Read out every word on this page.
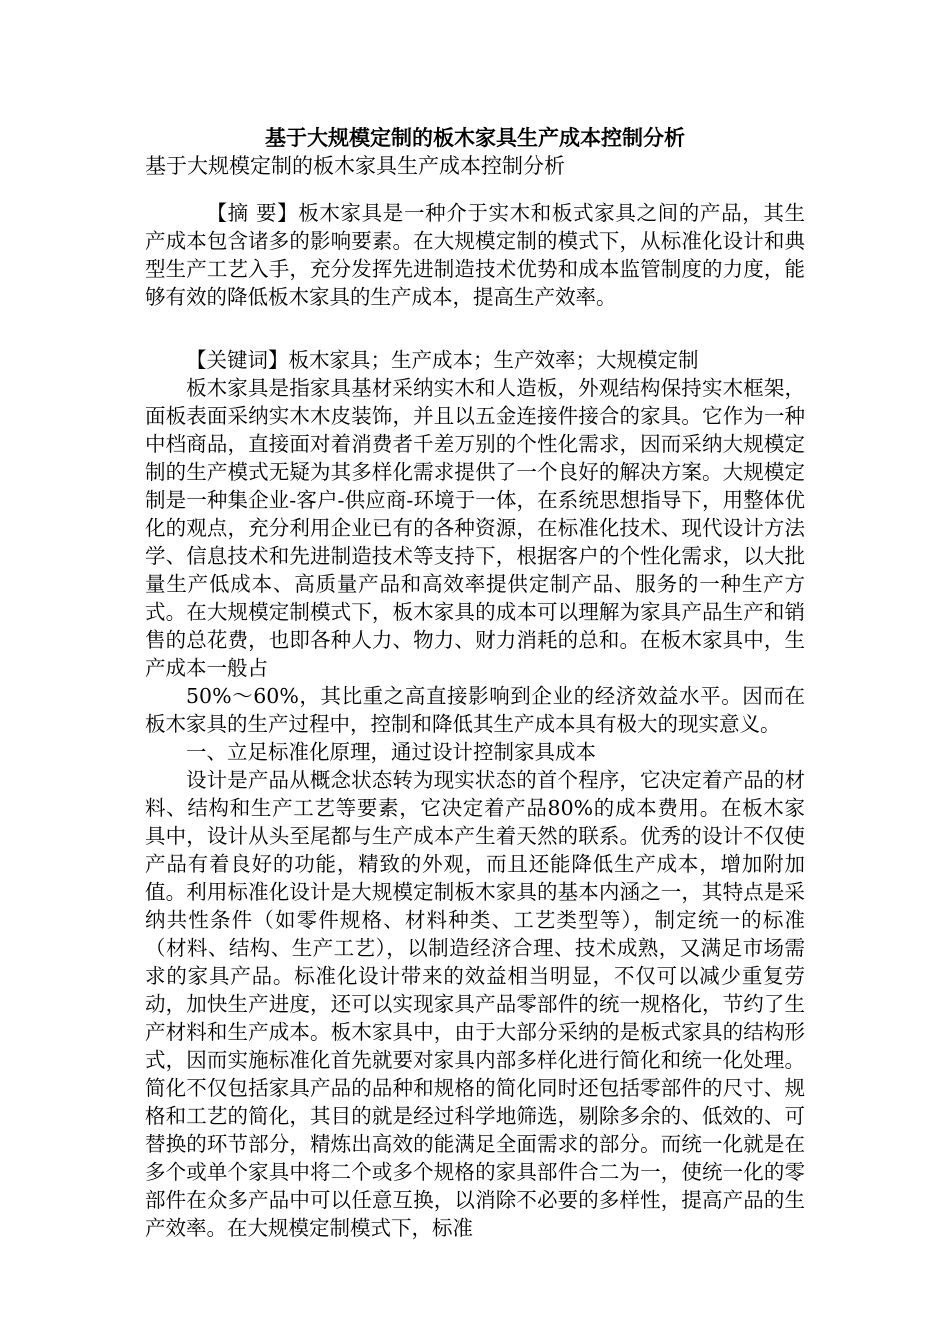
基于大规模定制的板木家具生产成本控制分析
基于大规模定制的板木家具生产成本控制分析

【摘 要】板木家具是一种介于实木和板式家具之间的产品，其生产成本包含诸多的影响要素。在大规模定制的模式下，从标准化设计和典型生产工艺入手，充分发挥先进制造技术优势和成本监管制度的力度，能够有效的降低板木家具的生产成本，提高生产效率。

【关键词】板木家具；生产成本；生产效率；大规模定制

板木家具是指家具基材采纳实木和人造板，外观结构保持实木框架，面板表面采纳实木木皮装饰，并且以五金连接件接合的家具。它作为一种中档商品，直接面对着消费者千差万别的个性化需求，因而采纳大规模定制的生产模式无疑为其多样化需求提供了一个良好的解决方案。大规模定制是一种集企业-客户-供应商-环境于一体，在系统思想指导下，用整体优化的观点，充分利用企业已有的各种资源，在标准化技术、现代设计方法学、信息技术和先进制造技术等支持下，根据客户的个性化需求，以大批量生产低成本、高质量产品和高效率提供定制产品、服务的一种生产方式。在大规模定制模式下，板木家具的成本可以理解为家具产品生产和销售的总花费，也即各种人力、物力、财力消耗的总和。在板木家具中，生产成本一般占

50%～60%，其比重之高直接影响到企业的经济效益水平。因而在板木家具的生产过程中，控制和降低其生产成本具有极大的现实意义。

一、立足标准化原理，通过设计控制家具成本

设计是产品从概念状态转为现实状态的首个程序，它决定着产品的材料、结构和生产工艺等要素，它决定着产品80%的成本费用。在板木家具中，设计从头至尾都与生产成本产生着天然的联系。优秀的设计不仅使产品有着良好的功能，精致的外观，而且还能降低生产成本，增加附加值。利用标准化设计是大规模定制板木家具的基本内涵之一，其特点是采纳共性条件（如零件规格、材料种类、工艺类型等），制定统一的标准（材料、结构、生产工艺），以制造经济合理、技术成熟，又满足市场需求的家具产品。标准化设计带来的效益相当明显，不仅可以减少重复劳动，加快生产进度，还可以实现家具产品零部件的统一规格化，节约了生产材料和生产成本。板木家具中，由于大部分采纳的是板式家具的结构形式，因而实施标准化首先就要对家具内部多样化进行简化和统一化处理。简化不仅包括家具产品的品种和规格的简化同时还包括零部件的尺寸、规格和工艺的简化，其目的就是经过科学地筛选，剔除多余的、低效的、可替换的环节部分，精炼出高效的能满足全面需求的部分。而统一化就是在多个或单个家具中将二个或多个规格的家具部件合二为一，使统一化的零部件在众多产品中可以任意互换，以消除不必要的多样性，提高产品的生产效率。在大规模定制模式下，标准
